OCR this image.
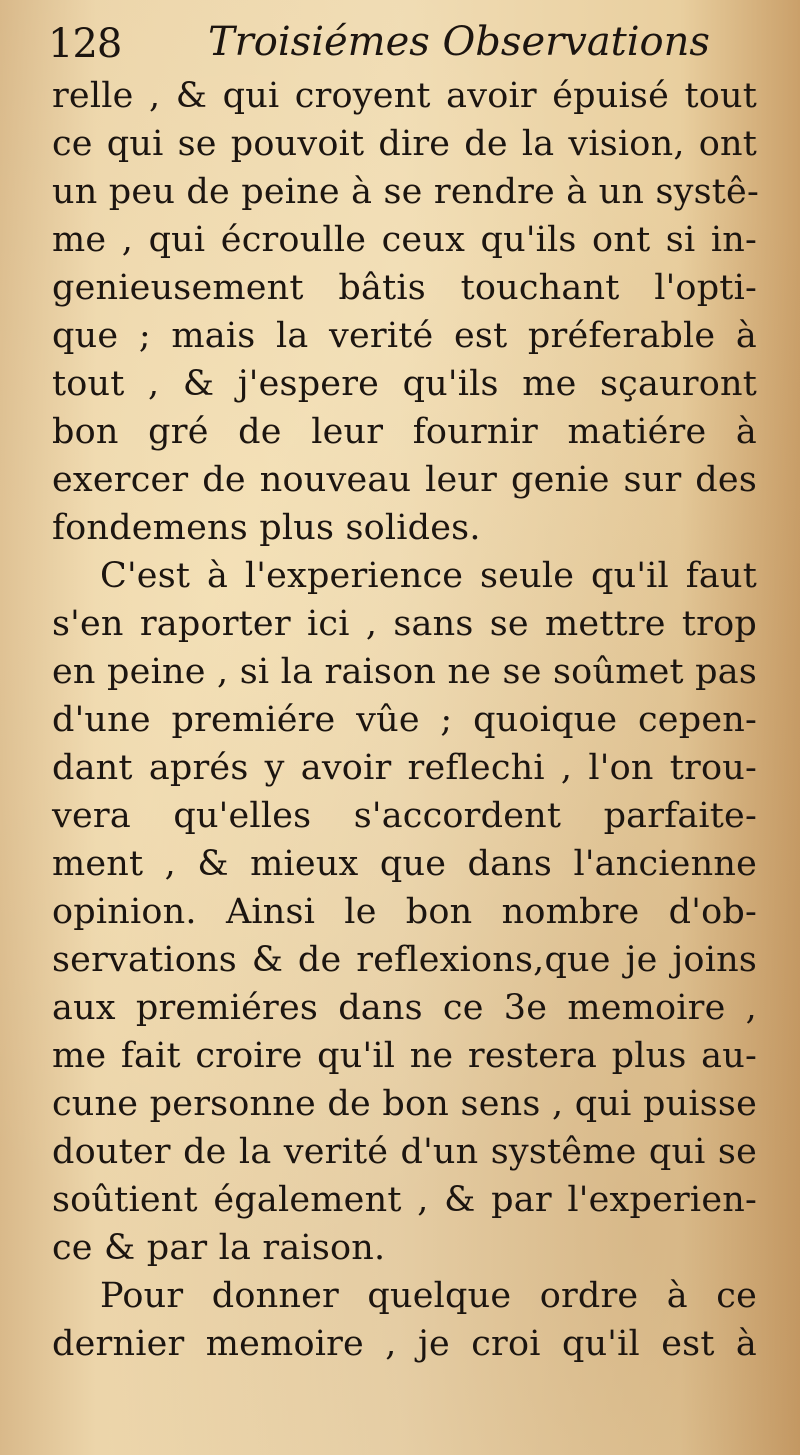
128 Troisiémes Observations
relle , & qui croyent avoir épuisé tout
ce qui se pouvoit dire de la vision, ont
un peu de peine à se rendre à un systê-
me , qui écroulle ceux qu'ils ont si in-
genieusement bâtis touchant l'opti-
que ; mais la verité est préferable à
tout , & j'espere qu'ils me sçauront
bon gré de leur fournir matiére à
exercer de nouveau leur genie sur des
fondemens plus solides.
C'est à l'experience seule qu'il faut
s'en raporter ici , sans se mettre trop
en peine , si la raison ne se soûmet pas
d'une premiére vûe ; quoique cepen-
dant aprés y avoir reflechi , l'on trou-
vera qu'elles s'accordent parfaite-
ment , & mieux que dans l'ancienne
opinion. Ainsi le bon nombre d'ob-
servations & de reflexions,que je joins
aux premiéres dans ce 3e memoire ,
me fait croire qu'il ne restera plus au-
cune personne de bon sens , qui puisse
douter de la verité d'un systême qui se
soûtient également , & par l'experien-
ce & par la raison.
Pour donner quelque ordre à ce
dernier memoire , je croi qu'il est à
